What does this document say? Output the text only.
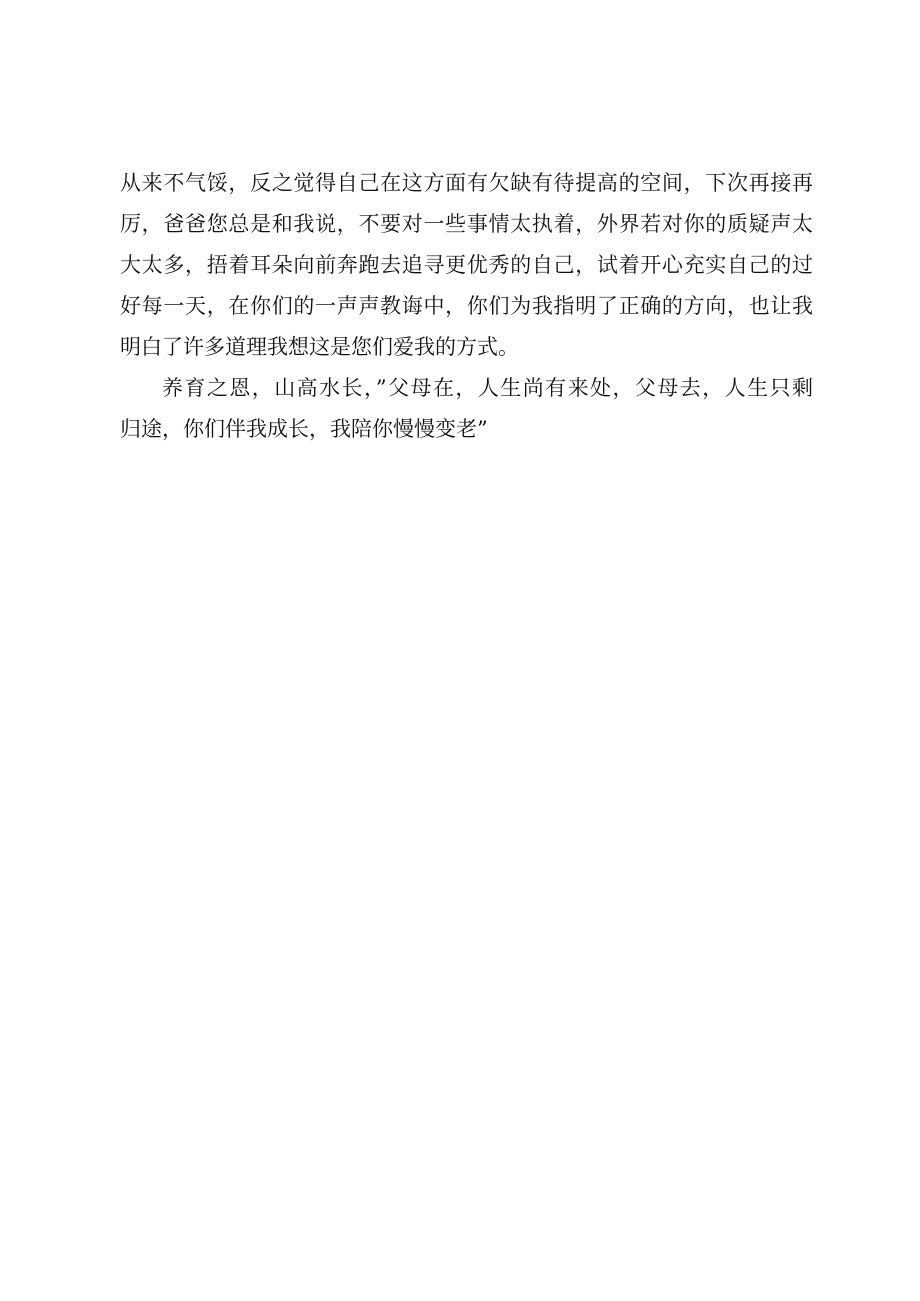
从来不气馁，反之觉得自己在这方面有欠缺有待提高的空间，下次再接再
厉，爸爸您总是和我说，不要对一些事情太执着，外界若对你的质疑声太
大太多，捂着耳朵向前奔跑去追寻更优秀的自己，试着开心充实自己的过
好每一天，在你们的一声声教诲中，你们为我指明了正确的方向，也让我
明白了许多道理我想这是您们爱我的方式。
养育之恩，山高水长，”父母在，人生尚有来处，父母去，人生只剩
归途，你们伴我成长，我陪你慢慢变老”
